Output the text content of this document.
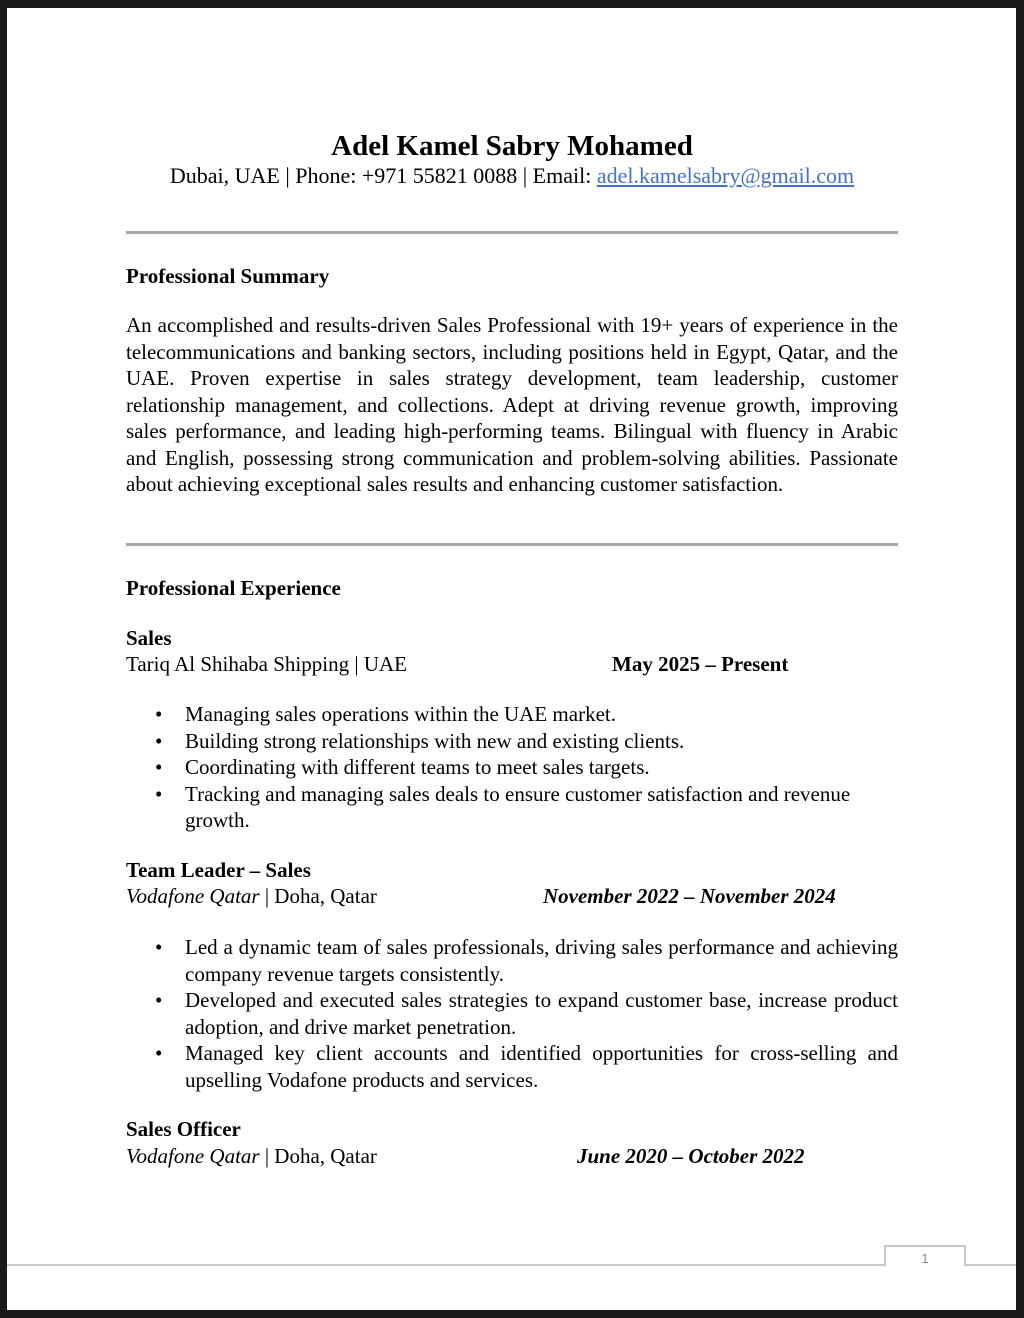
Adel Kamel Sabry Mohamed
Dubai, UAE | Phone: +971 55821 0088 | Email: adel.kamelsabry@gmail.com
Professional Summary
An accomplished and results-driven Sales Professional with 19+ years of experience in the telecommunications and banking sectors, including positions held in Egypt, Qatar, and the UAE. Proven expertise in sales strategy development, team leadership, customer relationship management, and collections. Adept at driving revenue growth, improving sales performance, and leading high-performing teams. Bilingual with fluency in Arabic and English, possessing strong communication and problem-solving abilities. Passionate about achieving exceptional sales results and enhancing customer satisfaction.
Professional Experience
Sales
Tariq Al Shihaba Shipping | UAE	May 2025 – Present
• Managing sales operations within the UAE market.
• Building strong relationships with new and existing clients.
• Coordinating with different teams to meet sales targets.
• Tracking and managing sales deals to ensure customer satisfaction and revenue growth.
Team Leader – Sales
Vodafone Qatar | Doha, Qatar	November 2022 – November 2024
• Led a dynamic team of sales professionals, driving sales performance and achieving company revenue targets consistently.
• Developed and executed sales strategies to expand customer base, increase product adoption, and drive market penetration.
• Managed key client accounts and identified opportunities for cross-selling and upselling Vodafone products and services.
Sales Officer
Vodafone Qatar | Doha, Qatar	June 2020 – October 2022
1
